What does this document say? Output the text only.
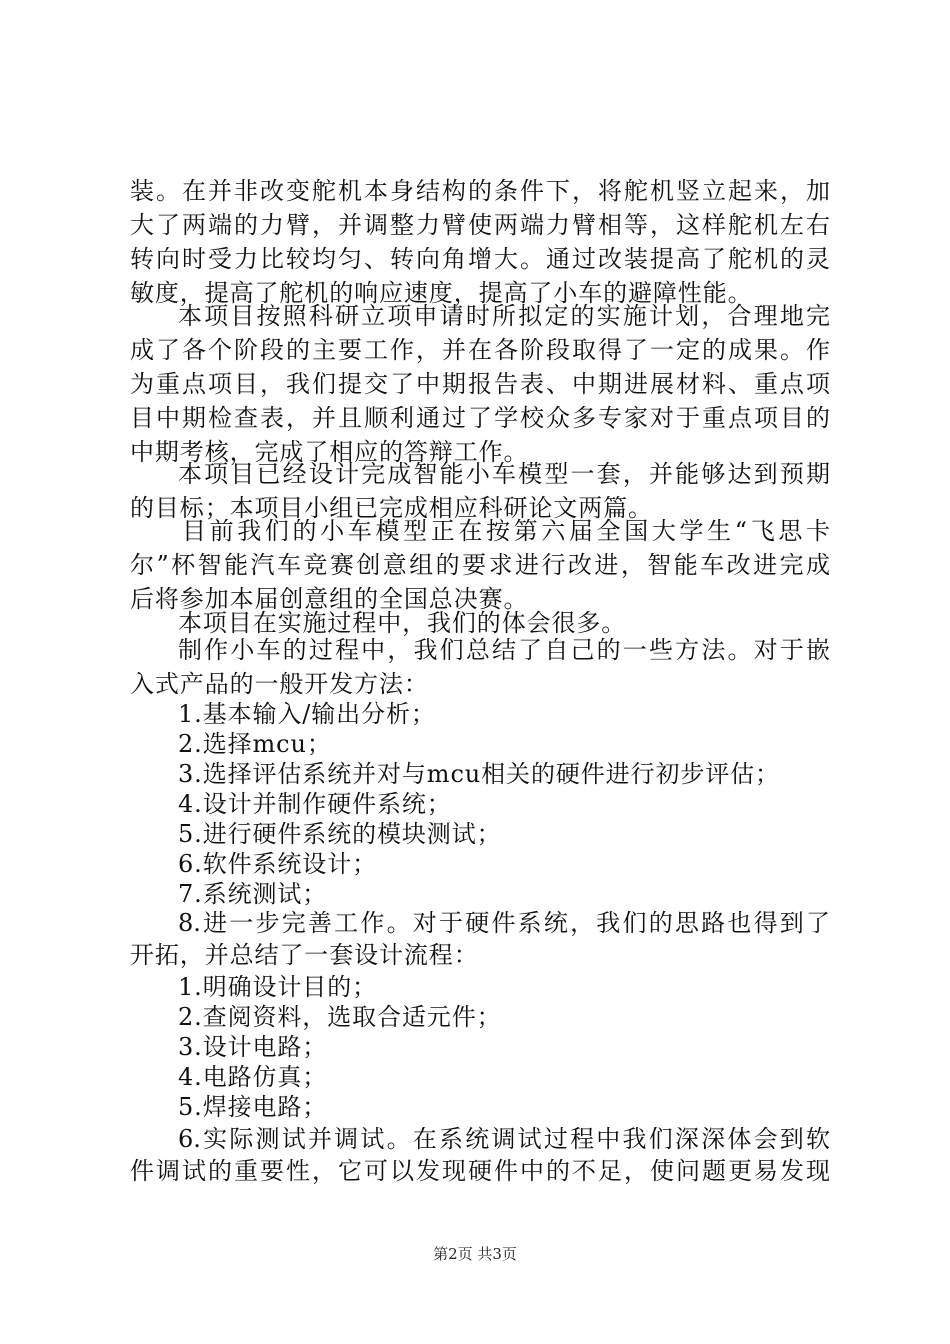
装。在并非改变舵机本身结构的条件下，将舵机竖立起来，加
大了两端的力臂，并调整力臂使两端力臂相等，这样舵机左右
转向时受力比较均匀、转向角增大。通过改装提高了舵机的灵
敏度，提高了舵机的响应速度，提高了小车的避障性能。
本项目按照科研立项申请时所拟定的实施计划，合理地完
成了各个阶段的主要工作，并在各阶段取得了一定的成果。作
为重点项目，我们提交了中期报告表、中期进展材料、重点项
目中期检查表，并且顺利通过了学校众多专家对于重点项目的
中期考核，完成了相应的答辩工作。
本项目已经设计完成智能小车模型一套，并能够达到预期
的目标；本项目小组已完成相应科研论文两篇。
目前我们的小车模型正在按第六届全国大学生“飞思卡
尔”杯智能汽车竞赛创意组的要求进行改进，智能车改进完成
后将参加本届创意组的全国总决赛。
本项目在实施过程中，我们的体会很多。
制作小车的过程中，我们总结了自己的一些方法。对于嵌
入式产品的一般开发方法：
1.基本输入/输出分析；
2.选择mcu；
3.选择评估系统并对与mcu相关的硬件进行初步评估；
4.设计并制作硬件系统；
5.进行硬件系统的模块测试；
6.软件系统设计；
7.系统测试；
8.进一步完善工作。对于硬件系统，我们的思路也得到了
开拓，并总结了一套设计流程：
1.明确设计目的；
2.查阅资料，选取合适元件；
3.设计电路；
4.电路仿真；
5.焊接电路；
6.实际测试并调试。在系统调试过程中我们深深体会到软
件调试的重要性，它可以发现硬件中的不足，使问题更易发现
第2页 共3页
